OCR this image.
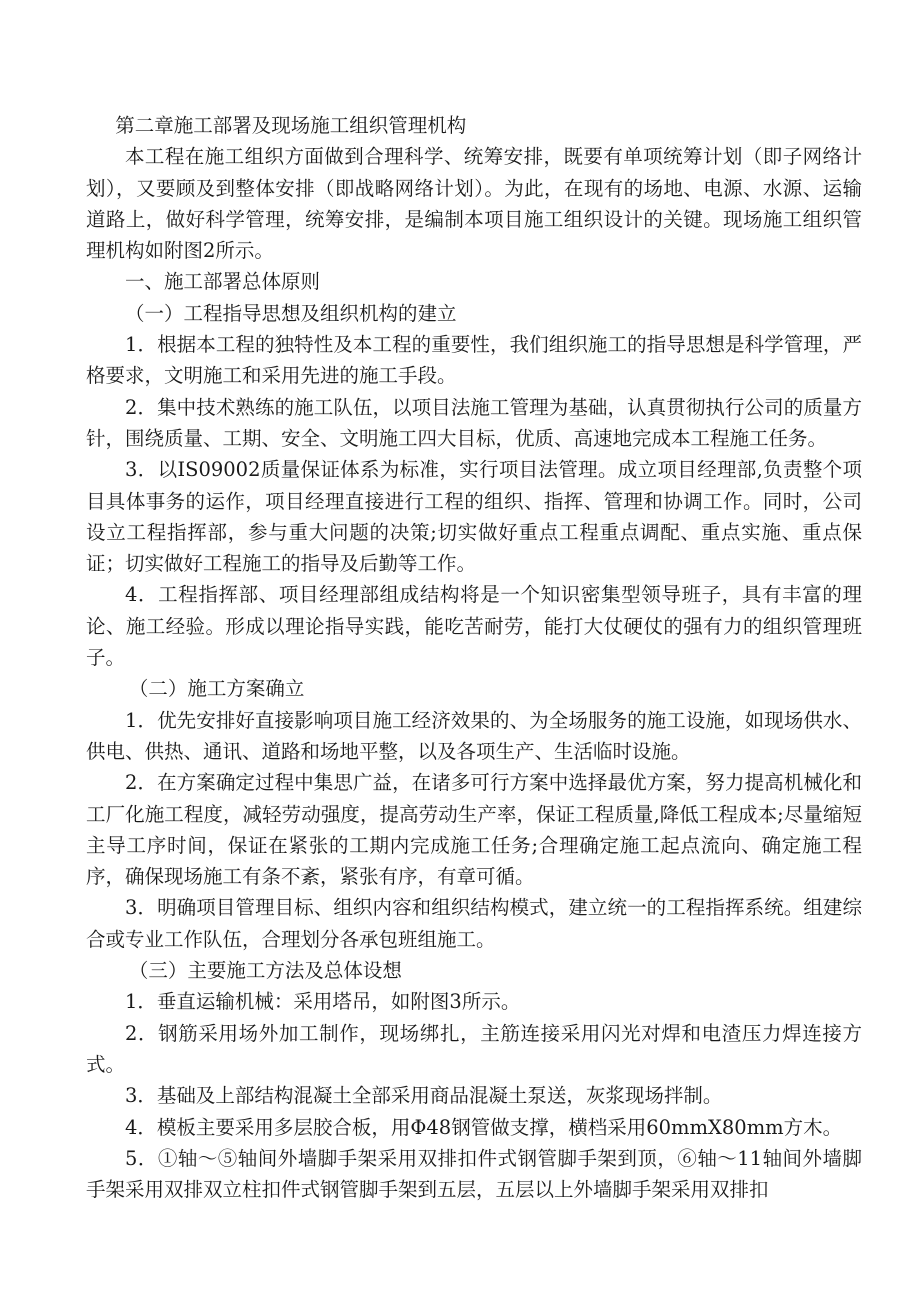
第二章施工部署及现场施工组织管理机构

本工程在施工组织方面做到合理科学、统筹安排，既要有单项统筹计划（即子网络计划），又要顾及到整体安排（即战略网络计划）。为此，在现有的场地、电源、水源、运输道路上，做好科学管理，统筹安排，是编制本项目施工组织设计的关键。现场施工组织管理机构如附图2所示。

一、施工部署总体原则

（一）工程指导思想及组织机构的建立

1．根据本工程的独特性及本工程的重要性，我们组织施工的指导思想是科学管理，严格要求，文明施工和采用先进的施工手段。

2．集中技术熟练的施工队伍，以项目法施工管理为基础，认真贯彻执行公司的质量方针，围绕质量、工期、安全、文明施工四大目标，优质、高速地完成本工程施工任务。

3．以IS09002质量保证体系为标准，实行项目法管理。成立项目经理部,负责整个项目具体事务的运作，项目经理直接进行工程的组织、指挥、管理和协调工作。同时，公司设立工程指挥部，参与重大问题的决策;切实做好重点工程重点调配、重点实施、重点保证；切实做好工程施工的指导及后勤等工作。

4．工程指挥部、项目经理部组成结构将是一个知识密集型领导班子，具有丰富的理论、施工经验。形成以理论指导实践，能吃苦耐劳，能打大仗硬仗的强有力的组织管理班子。

（二）施工方案确立

1．优先安排好直接影响项目施工经济效果的、为全场服务的施工设施，如现场供水、供电、供热、通讯、道路和场地平整，以及各项生产、生活临时设施。

2．在方案确定过程中集思广益，在诸多可行方案中选择最优方案，努力提高机械化和工厂化施工程度，减轻劳动强度，提高劳动生产率，保证工程质量,降低工程成本;尽量缩短主导工序时间，保证在紧张的工期内完成施工任务;合理确定施工起点流向、确定施工程序，确保现场施工有条不紊，紧张有序，有章可循。

3．明确项目管理目标、组织内容和组织结构模式，建立统一的工程指挥系统。组建综合或专业工作队伍，合理划分各承包班组施工。

（三）主要施工方法及总体设想

1．垂直运输机械：采用塔吊，如附图3所示。

2．钢筋采用场外加工制作，现场绑扎，主筋连接采用闪光对焊和电渣压力焊连接方式。

3．基础及上部结构混凝土全部采用商品混凝土泵送，灰浆现场拌制。

4．模板主要采用多层胶合板，用Φ48钢管做支撑，横档采用60mmX80mm方木。

5．①轴～⑤轴间外墙脚手架采用双排扣件式钢管脚手架到顶，⑥轴～11轴间外墙脚手架采用双排双立柱扣件式钢管脚手架到五层，五层以上外墙脚手架采用双排扣
